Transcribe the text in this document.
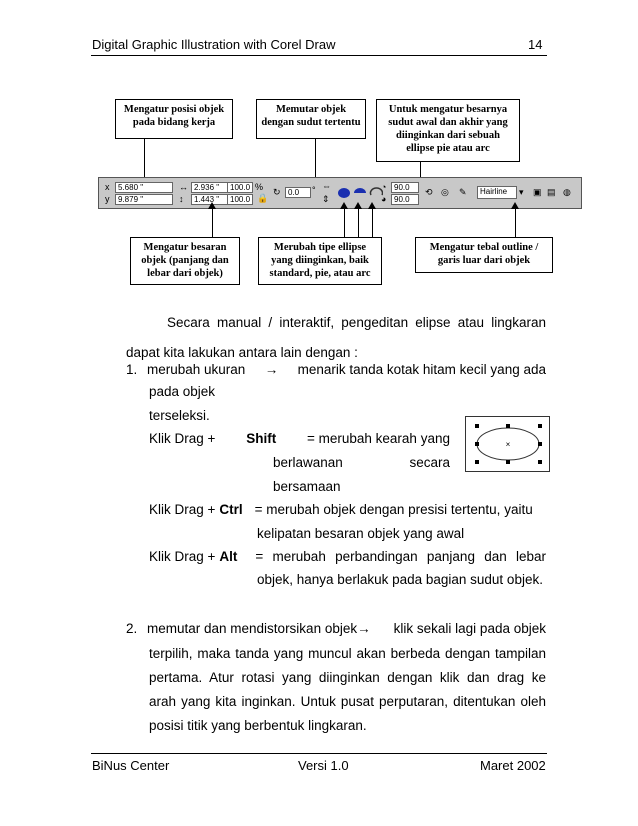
Digital Graphic Illustration with Corel Draw	14
Mengatur posisi objek pada bidang kerja
Memutar objek dengan sudut tertentu
Untuk mengatur besarnya sudut awal dan akhir yang diinginkan dari sebuah ellipse pie atau arc
x	5.680 "
y	9.879 "
↔ 2.936 "
↕	1.443 "
100.0
100.0
%
🔒
↻ 0.0	° ⇔
⇕
◔ 90.0
◕ 90.0
⟲ ◎ ✎	Hairline	▾ ▣ ▤ ◍
Mengatur besaran objek (panjang dan lebar dari objek)
Merubah tipe ellipse yang diinginkan, baik standard, pie, atau arc
Mengatur tebal outline / garis luar dari objek
Secara manual / interaktif, pengeditan elipse atau lingkaran
dapat kita lakukan antara lain dengan :
1. merubah ukuran → menarik tanda kotak hitam kecil yang ada
pada objek
terseleksi.
Klik Drag + Shift = merubah kearah yang
berlawanan	secara
bersamaan
×
Klik Drag + Ctrl = merubah objek dengan presisi tertentu, yaitu
kelipatan besaran objek yang awal
Klik Drag + Alt = merubah perbandingan panjang dan lebar
objek, hanya berlakuk pada bagian sudut objek.
2. memutar dan mendistorsikan objek→ klik sekali lagi pada objek
terpilih, maka tanda yang muncul akan berbeda dengan tampilan
pertama. Atur rotasi yang diinginkan dengan klik dan drag ke
arah yang kita inginkan. Untuk pusat perputaran, ditentukan oleh
posisi titik yang berbentuk lingkaran.
BiNus Center	Versi 1.0	Maret 2002
